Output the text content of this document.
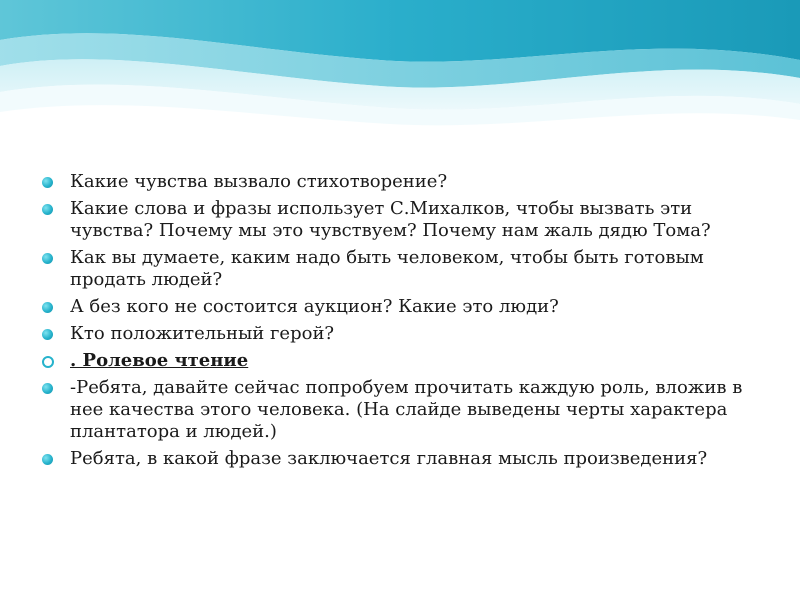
Какие чувства вызвало стихотворение?
Какие слова и фразы использует С.Михалков, чтобы вызвать эти чувства? Почему мы это чувствуем? Почему нам жаль дядю Тома?
Как вы думаете, каким надо быть человеком, чтобы быть готовым продать людей?
А без кого не состоится аукцион? Какие это люди?
Кто положительный герой?
. Ролевое чтение
-Ребята, давайте сейчас попробуем прочитать каждую роль, вложив в нее качества этого человека. (На слайде выведены черты характера плантатора и людей.)
Ребята, в какой фразе заключается главная мысль произведения?
